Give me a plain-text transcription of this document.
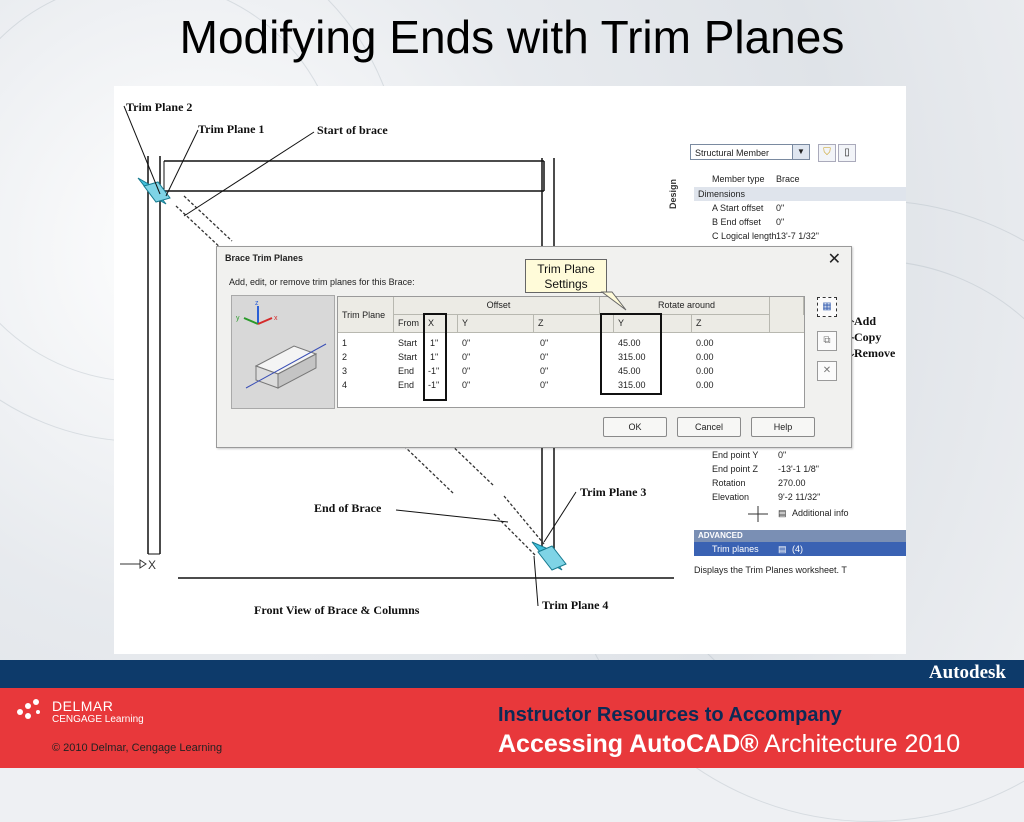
Modifying Ends with Trim Planes
X
Trim Plane 2
Trim Plane 1	Start of brace
End of Brace
Trim Plane 3
Trim Plane 4
Front View of Brace & Columns
Add
Copy
Remove
Structural Member	▼	⛉	▯
Design	Member type Brace
Dimensions
A Start offset 0"
B End offset 0"
C Logical length 13'-7 1/32"
End point Y 0"
End point Z -13'-1 1/8"
Rotation	270.00
Elevation	9'-2 11/32"
▤ Additional info
ADVANCED
Trim planes ▤ (4)
Displays the Trim Planes worksheet. T
Brace Trim Planes	✕
Add, edit, or remove trim planes for this Brace:
z
y	x	Trim Plane
Offset	Rotate around
From	X	Y	Z	Y	Z
1	Start 1"	0"	0"	45.00	0.00
2	Start 1"	0"	0"	315.00	0.00
3	End -1"	0"	0"	45.00	0.00
4	End -1"	0"	0"	315.00	0.00
▦
⧉
✕
OK	Cancel	Help
Trim Plane
Settings
Autodesk
DELMAR
CENGAGE Learning
© 2010 Delmar, Cengage Learning
Instructor Resources to Accompany
Accessing AutoCAD® Architecture 2010
